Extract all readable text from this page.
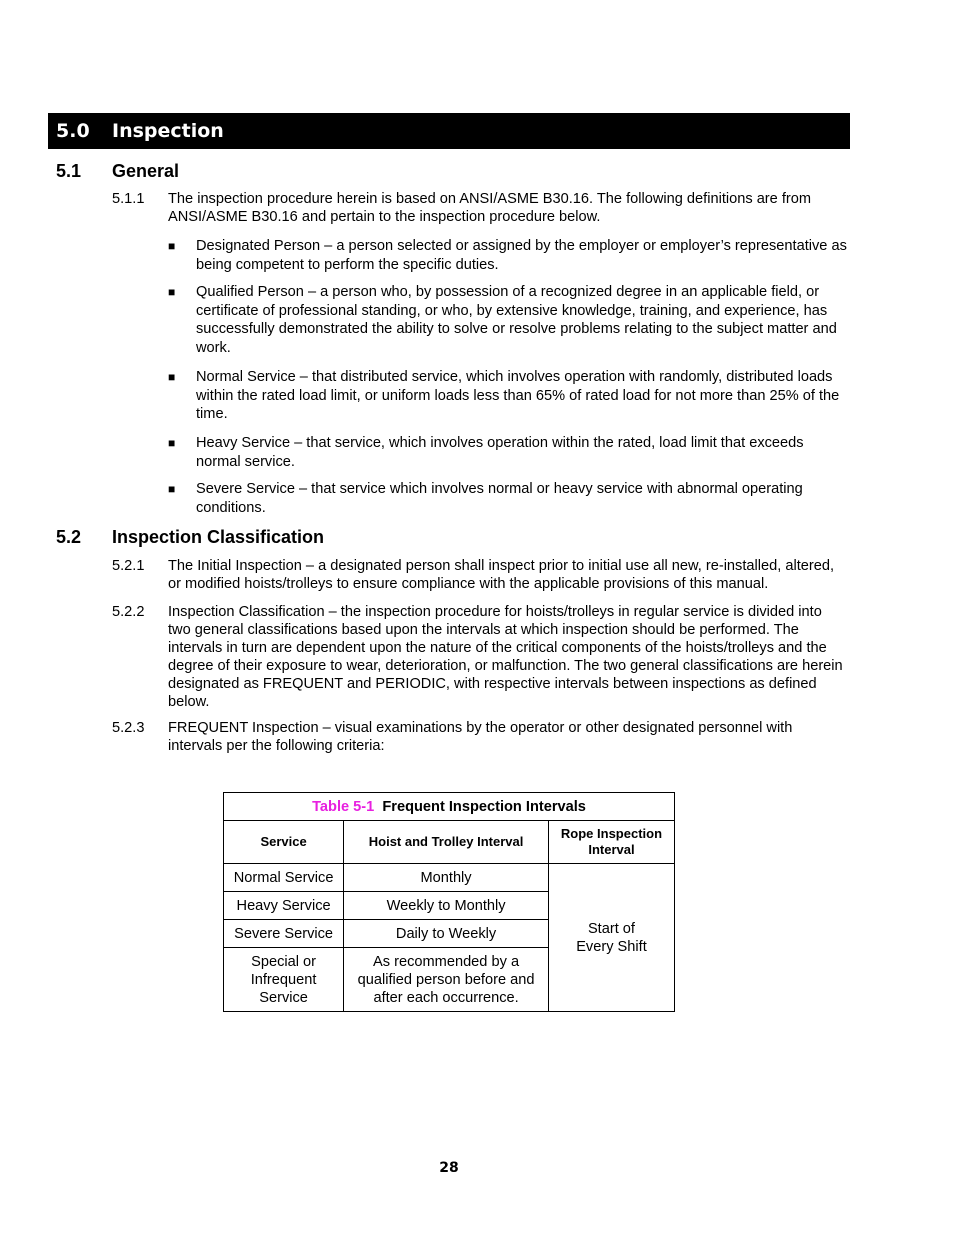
5.0	Inspection
5.1 General
5.1.1 The inspection procedure herein is based on ANSI/ASME B30.16. The following definitions are from ANSI/ASME B30.16 and pertain to the inspection procedure below.
■ Designated Person – a person selected or assigned by the employer or employer’s representative as being competent to perform the specific duties.
■ Qualified Person – a person who, by possession of a recognized degree in an applicable field, or certificate of professional standing, or who, by extensive knowledge, training, and experience, has successfully demonstrated the ability to solve or resolve problems relating to the subject matter and work.
■ Normal Service – that distributed service, which involves operation with randomly, distributed loads within the rated load limit, or uniform loads less than 65% of rated load for not more than 25% of the time.
■ Heavy Service – that service, which involves operation within the rated, load limit that exceeds normal service.
■ Severe Service – that service which involves normal or heavy service with abnormal operating conditions.
5.2 Inspection Classification
5.2.1 The Initial Inspection – a designated person shall inspect prior to initial use all new, re-installed, altered, or modified hoists/trolleys to ensure compliance with the applicable provisions of this manual.
5.2.2 Inspection Classification – the inspection procedure for hoists/trolleys in regular service is divided into two general classifications based upon the intervals at which inspection should be performed. The intervals in turn are dependent upon the nature of the critical components of the hoists/trolleys and the degree of their exposure to wear, deterioration, or malfunction. The two general classifications are herein designated as FREQUENT and PERIODIC, with respective intervals between inspections as defined below.
5.2.3 FREQUENT Inspection – visual examinations by the operator or other designated personnel with intervals per the following criteria:
Table 5-1 Frequent Inspection Intervals		
Service	Hoist and Trolley Interval	Rope Inspection Interval
Normal Service	Monthly	Start of Every Shift

Heavy Service	Weekly to Monthly	
Severe Service	Daily to Weekly	

Special or Infrequent Service	As recommended by a qualified person before and after each occurrence.	
28
